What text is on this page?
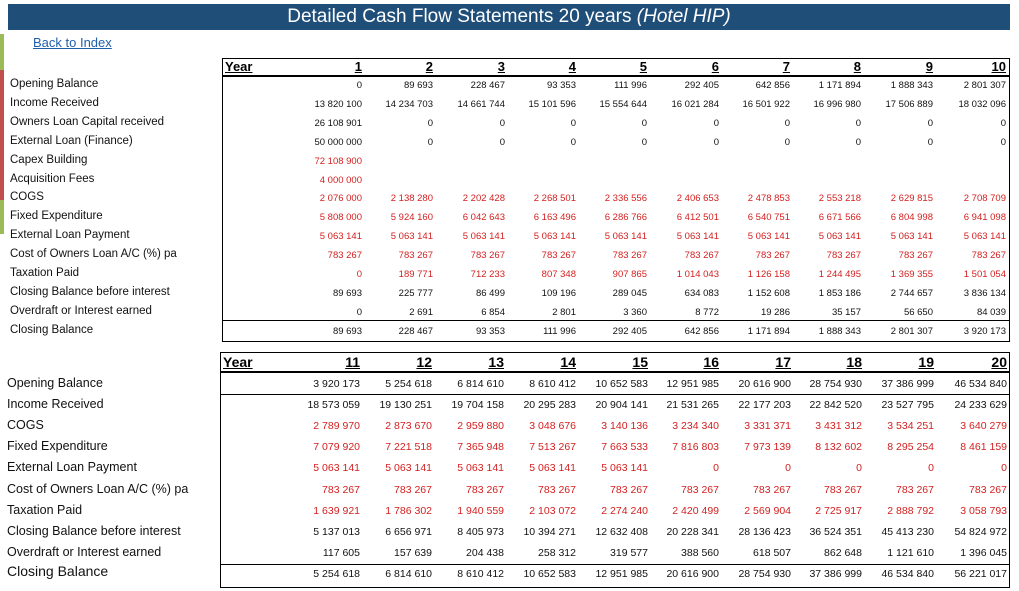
Detailed Cash Flow Statements 20 years (Hotel HIP)
Back to Index
Year	1	2	3	4	5	6	7	8	9	10
Opening Balance	0	89 693	228 467	93 353	111 996	292 405	642 856	1 171 894	1 888 343	2 801 307
Income Received	13 820 100	14 234 703	14 661 744	15 101 596	15 554 644	16 021 284	16 501 922	16 996 980	17 506 889	18 032 096
Owners Loan Capital received	26 108 901	0	0	0	0	0	0	0	0	0
External Loan (Finance)	50 000 000	0	0	0	0	0	0	0	0	0
Capex Building	72 108 900
Acquisition Fees	4 000 000
COGS	2 076 000	2 138 280	2 202 428	2 268 501	2 336 556	2 406 653	2 478 853	2 553 218	2 629 815	2 708 709
Fixed Expenditure	5 808 000	5 924 160	6 042 643	6 163 496	6 286 766	6 412 501	6 540 751	6 671 566	6 804 998	6 941 098
External Loan Payment	5 063 141	5 063 141	5 063 141	5 063 141	5 063 141	5 063 141	5 063 141	5 063 141	5 063 141	5 063 141
Cost of Owners Loan A/C (%) pa	783 267	783 267	783 267	783 267	783 267	783 267	783 267	783 267	783 267	783 267
Taxation Paid	0	189 771	712 233	807 348	907 865	1 014 043	1 126 158	1 244 495	1 369 355	1 501 054
Closing Balance before interest	89 693	225 777	86 499	109 196	289 045	634 083	1 152 608	1 853 186	2 744 657	3 836 134
Overdraft or Interest earned	0	2 691	6 854	2 801	3 360	8 772	19 286	35 157	56 650	84 039
Closing Balance	89 693	228 467	93 353	111 996	292 405	642 856	1 171 894	1 888 343	2 801 307	3 920 173
Year	11	12	13	14	15	16	17	18	19	20
Opening Balance	3 920 173	5 254 618	6 814 610	8 610 412	10 652 583	12 951 985	20 616 900	28 754 930	37 386 999	46 534 840
Income Received	18 573 059	19 130 251	19 704 158	20 295 283	20 904 141	21 531 265	22 177 203	22 842 520	23 527 795	24 233 629
COGS	2 789 970	2 873 670	2 959 880	3 048 676	3 140 136	3 234 340	3 331 371	3 431 312	3 534 251	3 640 279
Fixed Expenditure	7 079 920	7 221 518	7 365 948	7 513 267	7 663 533	7 816 803	7 973 139	8 132 602	8 295 254	8 461 159
External Loan Payment	5 063 141	5 063 141	5 063 141	5 063 141	5 063 141	0	0	0	0	0
Cost of Owners Loan A/C (%) pa	783 267	783 267	783 267	783 267	783 267	783 267	783 267	783 267	783 267	783 267
Taxation Paid	1 639 921	1 786 302	1 940 559	2 103 072	2 274 240	2 420 499	2 569 904	2 725 917	2 888 792	3 058 793
Closing Balance before interest	5 137 013	6 656 971	8 405 973	10 394 271	12 632 408	20 228 341	28 136 423	36 524 351	45 413 230	54 824 972
Overdraft or Interest earned	117 605	157 639	204 438	258 312	319 577	388 560	618 507	862 648	1 121 610	1 396 045
Closing Balance	5 254 618	6 814 610	8 610 412	10 652 583	12 951 985	20 616 900	28 754 930	37 386 999	46 534 840	56 221 017
